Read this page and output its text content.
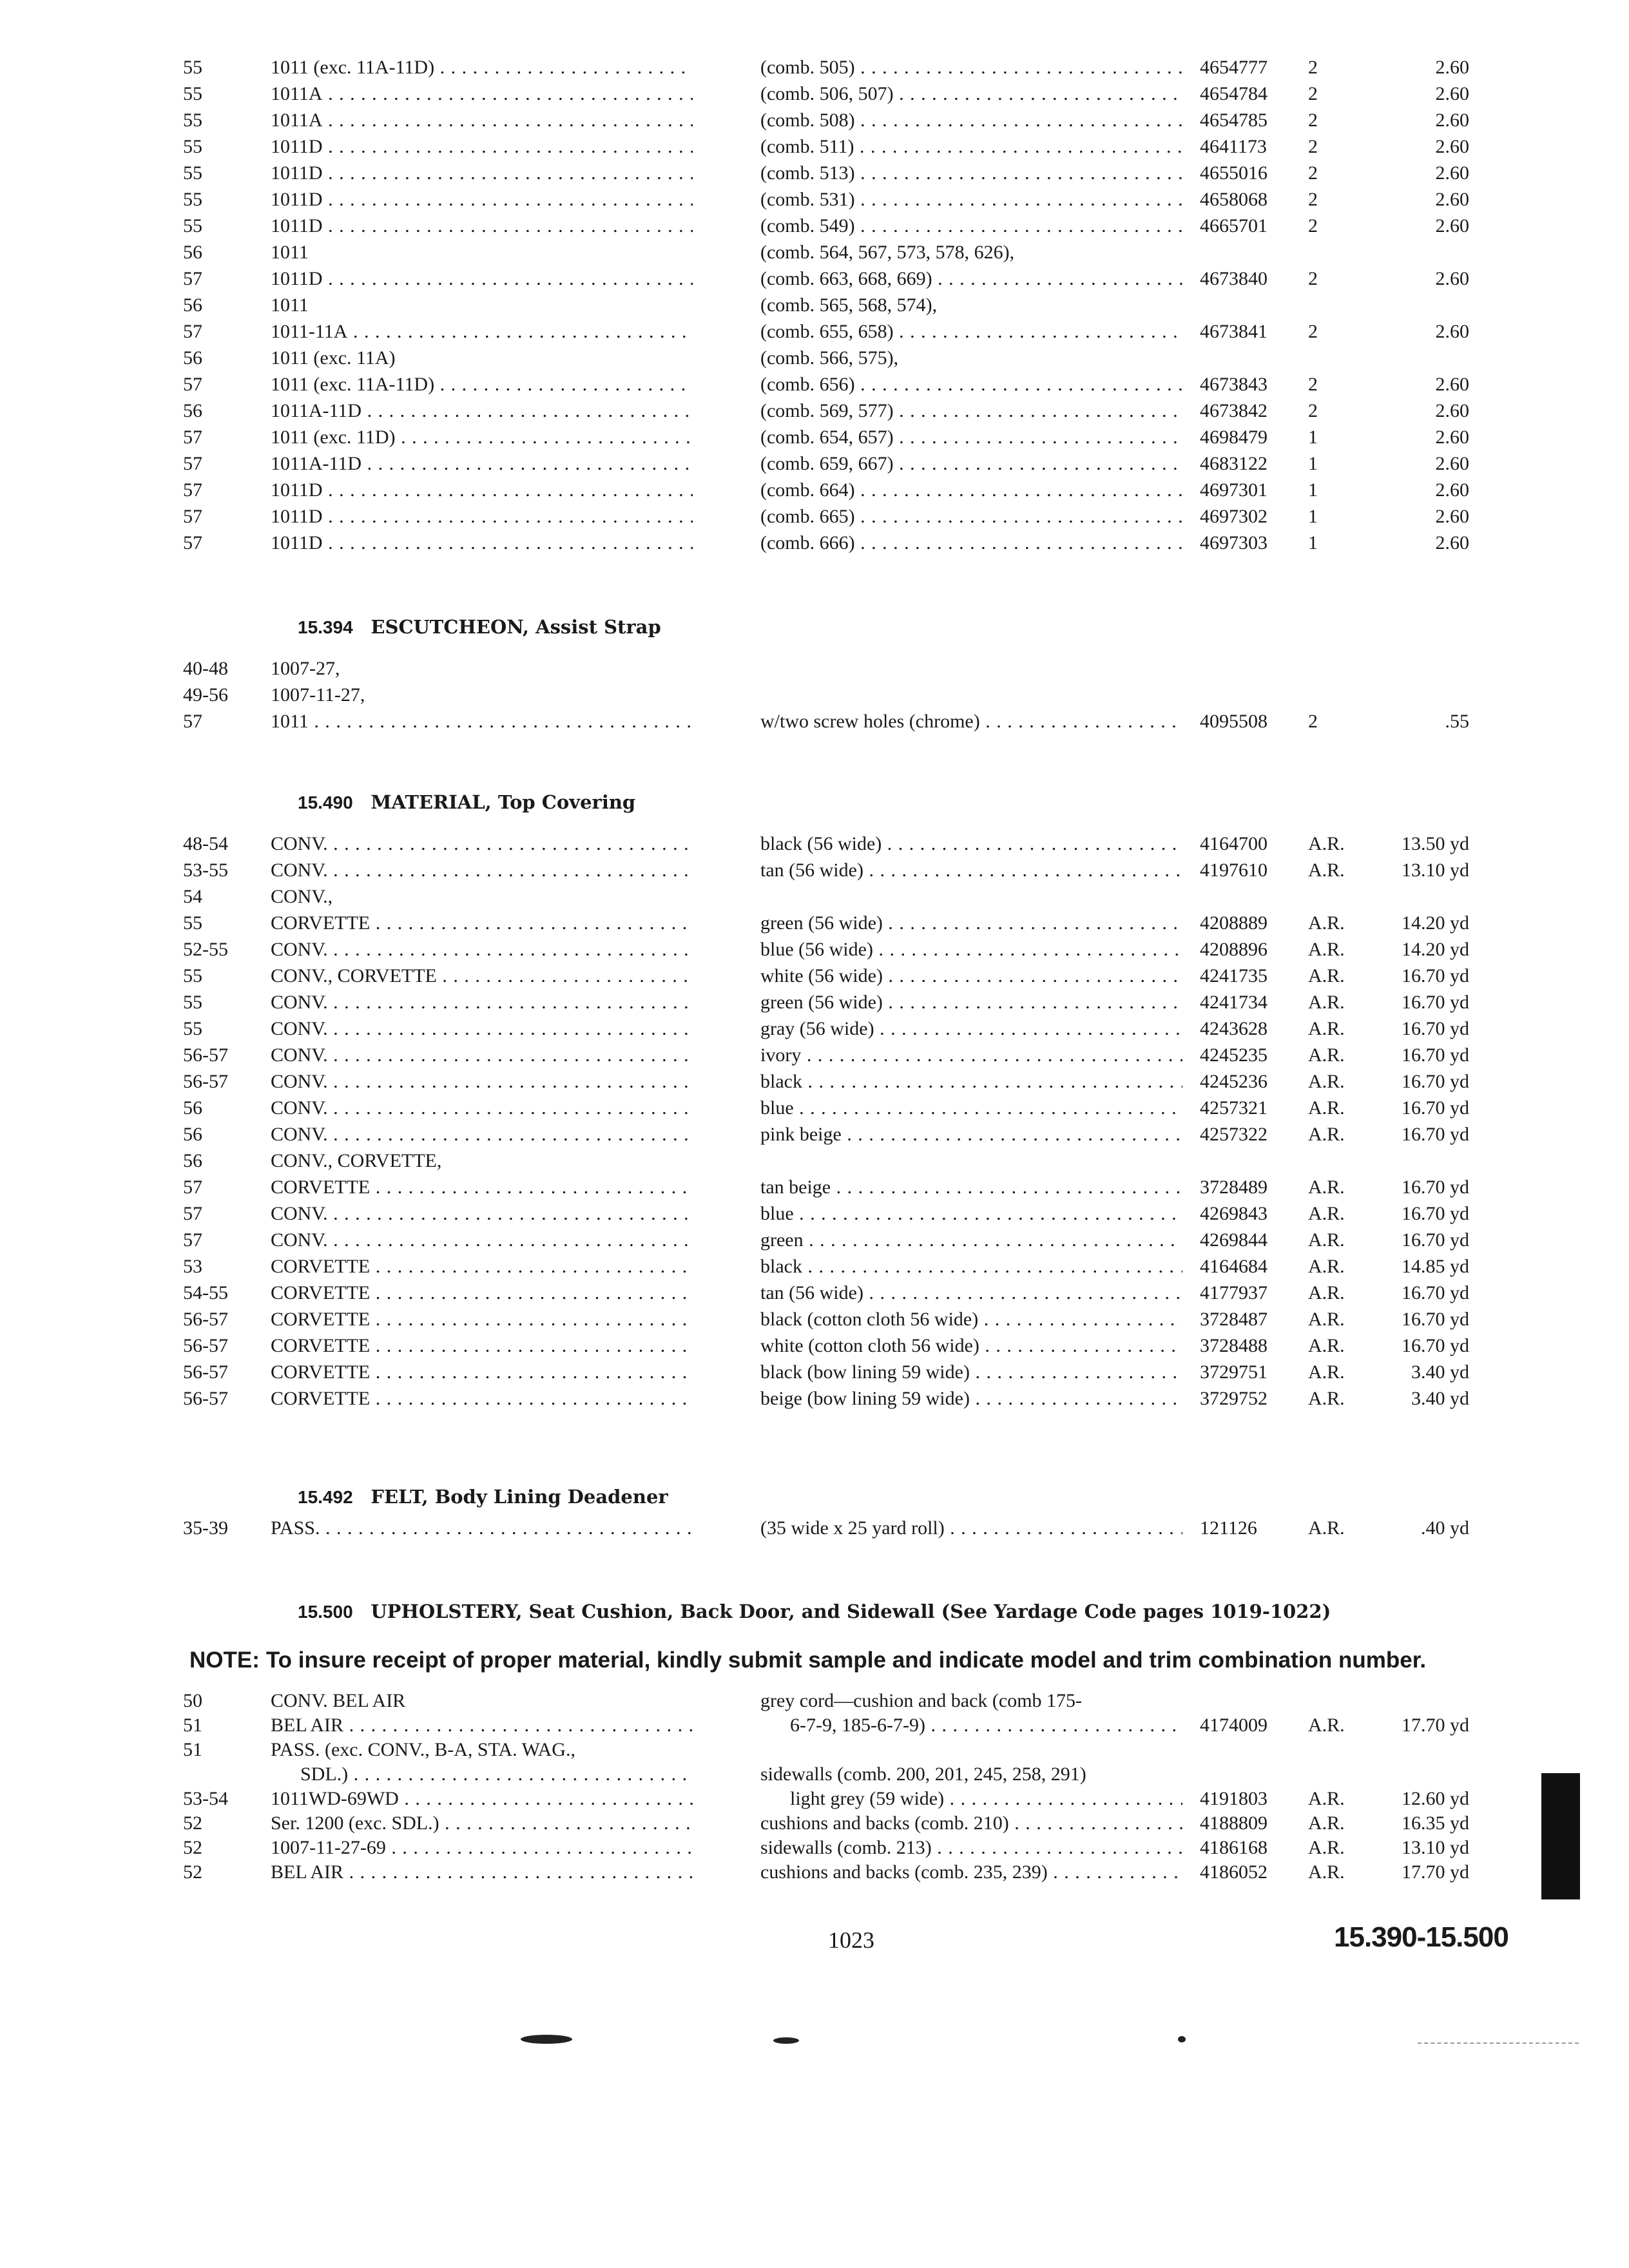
55	1011 (exc. 11A-11D) . . .	(comb. 505) . . .	4654777	2	2.60
55	1011A . . .	(comb. 506, 507) . . .	4654784	2	2.60
55	1011A . . .	(comb. 508) . . .	4654785	2	2.60
55	1011D . . .	(comb. 511) . . .	4641173	2	2.60
55	1011D . . .	(comb. 513) . . .	4655016	2	2.60
55	1011D . . .	(comb. 531) . . .	4658068	2	2.60
55	1011D . . .	(comb. 549) . . .	4665701	2	2.60
56	1011	(comb. 564, 567, 573, 578, 626),
57	1011D . . .	(comb. 663, 668, 669) . . .	4673840	2	2.60
56	1011	(comb. 565, 568, 574),
57	1011-11A . . .	(comb. 655, 658) . . .	4673841	2	2.60
56	1011 (exc. 11A)	(comb. 566, 575),
57	1011 (exc. 11A-11D) . . .	(comb. 656) . . .	4673843	2	2.60
56	1011A-11D . . .	(comb. 569, 577) . . .	4673842	2	2.60
57	1011 (exc. 11D) . . .	(comb. 654, 657) . . .	4698479	1	2.60
57	1011A-11D . . .	(comb. 659, 667) . . .	4683122	1	2.60
57	1011D . . .	(comb. 664) . . .	4697301	1	2.60
57	1011D . . .	(comb. 665) . . .	4697302	1	2.60
57	1011D . . .	(comb. 666) . . .	4697303	1	2.60
15.394 ESCUTCHEON, Assist Strap
40-48	1007-27,
49-56	1007-11-27,
57	1011 . . .	w/two screw holes (chrome) . . .	4095508	2	.55
15.490 MATERIAL, Top Covering
48-54	CONV. . . .	black (56 wide) . . .	4164700	A.R.	13.50 yd
53-55	CONV. . . .	tan (56 wide) . . .	4197610	A.R.	13.10 yd
54	CONV.,
55	CORVETTE . . .	green (56 wide) . . .	4208889	A.R.	14.20 yd
52-55	CONV. . . .	blue (56 wide) . . .	4208896	A.R.	14.20 yd
55	CONV., CORVETTE . . .	white (56 wide) . . .	4241735	A.R.	16.70 yd
55	CONV. . . .	green (56 wide) . . .	4241734	A.R.	16.70 yd
55	CONV. . . .	gray (56 wide) . . .	4243628	A.R.	16.70 yd
56-57	CONV. . . .	ivory . . .	4245235	A.R.	16.70 yd
56-57	CONV. . . .	black . . .	4245236	A.R.	16.70 yd
56	CONV. . . .	blue . . .	4257321	A.R.	16.70 yd
56	CONV. . . .	pink beige . . .	4257322	A.R.	16.70 yd
56	CONV., CORVETTE,
57	CORVETTE . . .	tan beige . . .	3728489	A.R.	16.70 yd
57	CONV. . . .	blue . . .	4269843	A.R.	16.70 yd
57	CONV. . . .	green . . .	4269844	A.R.	16.70 yd
53	CORVETTE . . .	black . . .	4164684	A.R.	14.85 yd
54-55	CORVETTE . . .	tan (56 wide) . . .	4177937	A.R.	16.70 yd
56-57	CORVETTE . . .	black (cotton cloth 56 wide) . . .	3728487	A.R.	16.70 yd
56-57	CORVETTE . . .	white (cotton cloth 56 wide) . . .	3728488	A.R.	16.70 yd
56-57	CORVETTE . . .	black (bow lining 59 wide) . . .	3729751	A.R.	3.40 yd
56-57	CORVETTE . . .	beige (bow lining 59 wide) . . .	3729752	A.R.	3.40 yd
15.492 FELT, Body Lining Deadener
35-39	PASS. . . .	(35 wide x 25 yard roll) . . .	121126	A.R.	.40 yd
15.500 UPHOLSTERY, Seat Cushion, Back Door, and Sidewall (See Yardage Code pages 1019-1022)
NOTE: To insure receipt of proper material, kindly submit sample and indicate model and trim combination number.
50	CONV. BEL AIR	grey cord—cushion and back (comb 175-
51	BEL AIR . . .	6-7-9, 185-6-7-9) . . .	4174009	A.R.	17.70 yd
51	PASS. (exc. CONV., B-A, STA. WAG.,
SDL.) . . .	sidewalls (comb. 200, 201, 245, 258, 291)
53-54	1011WD-69WD . . .	light grey (59 wide) . . .	4191803	A.R.	12.60 yd
52	Ser. 1200 (exc. SDL.) . . .	cushions and backs (comb. 210) . . .	4188809	A.R.	16.35 yd
52	1007-11-27-69 . . .	sidewalls (comb. 213) . . .	4186168	A.R.	13.10 yd
52	BEL AIR . . .	cushions and backs (comb. 235, 239) . . .	4186052	A.R.	17.70 yd
1023	15.390-15.500
